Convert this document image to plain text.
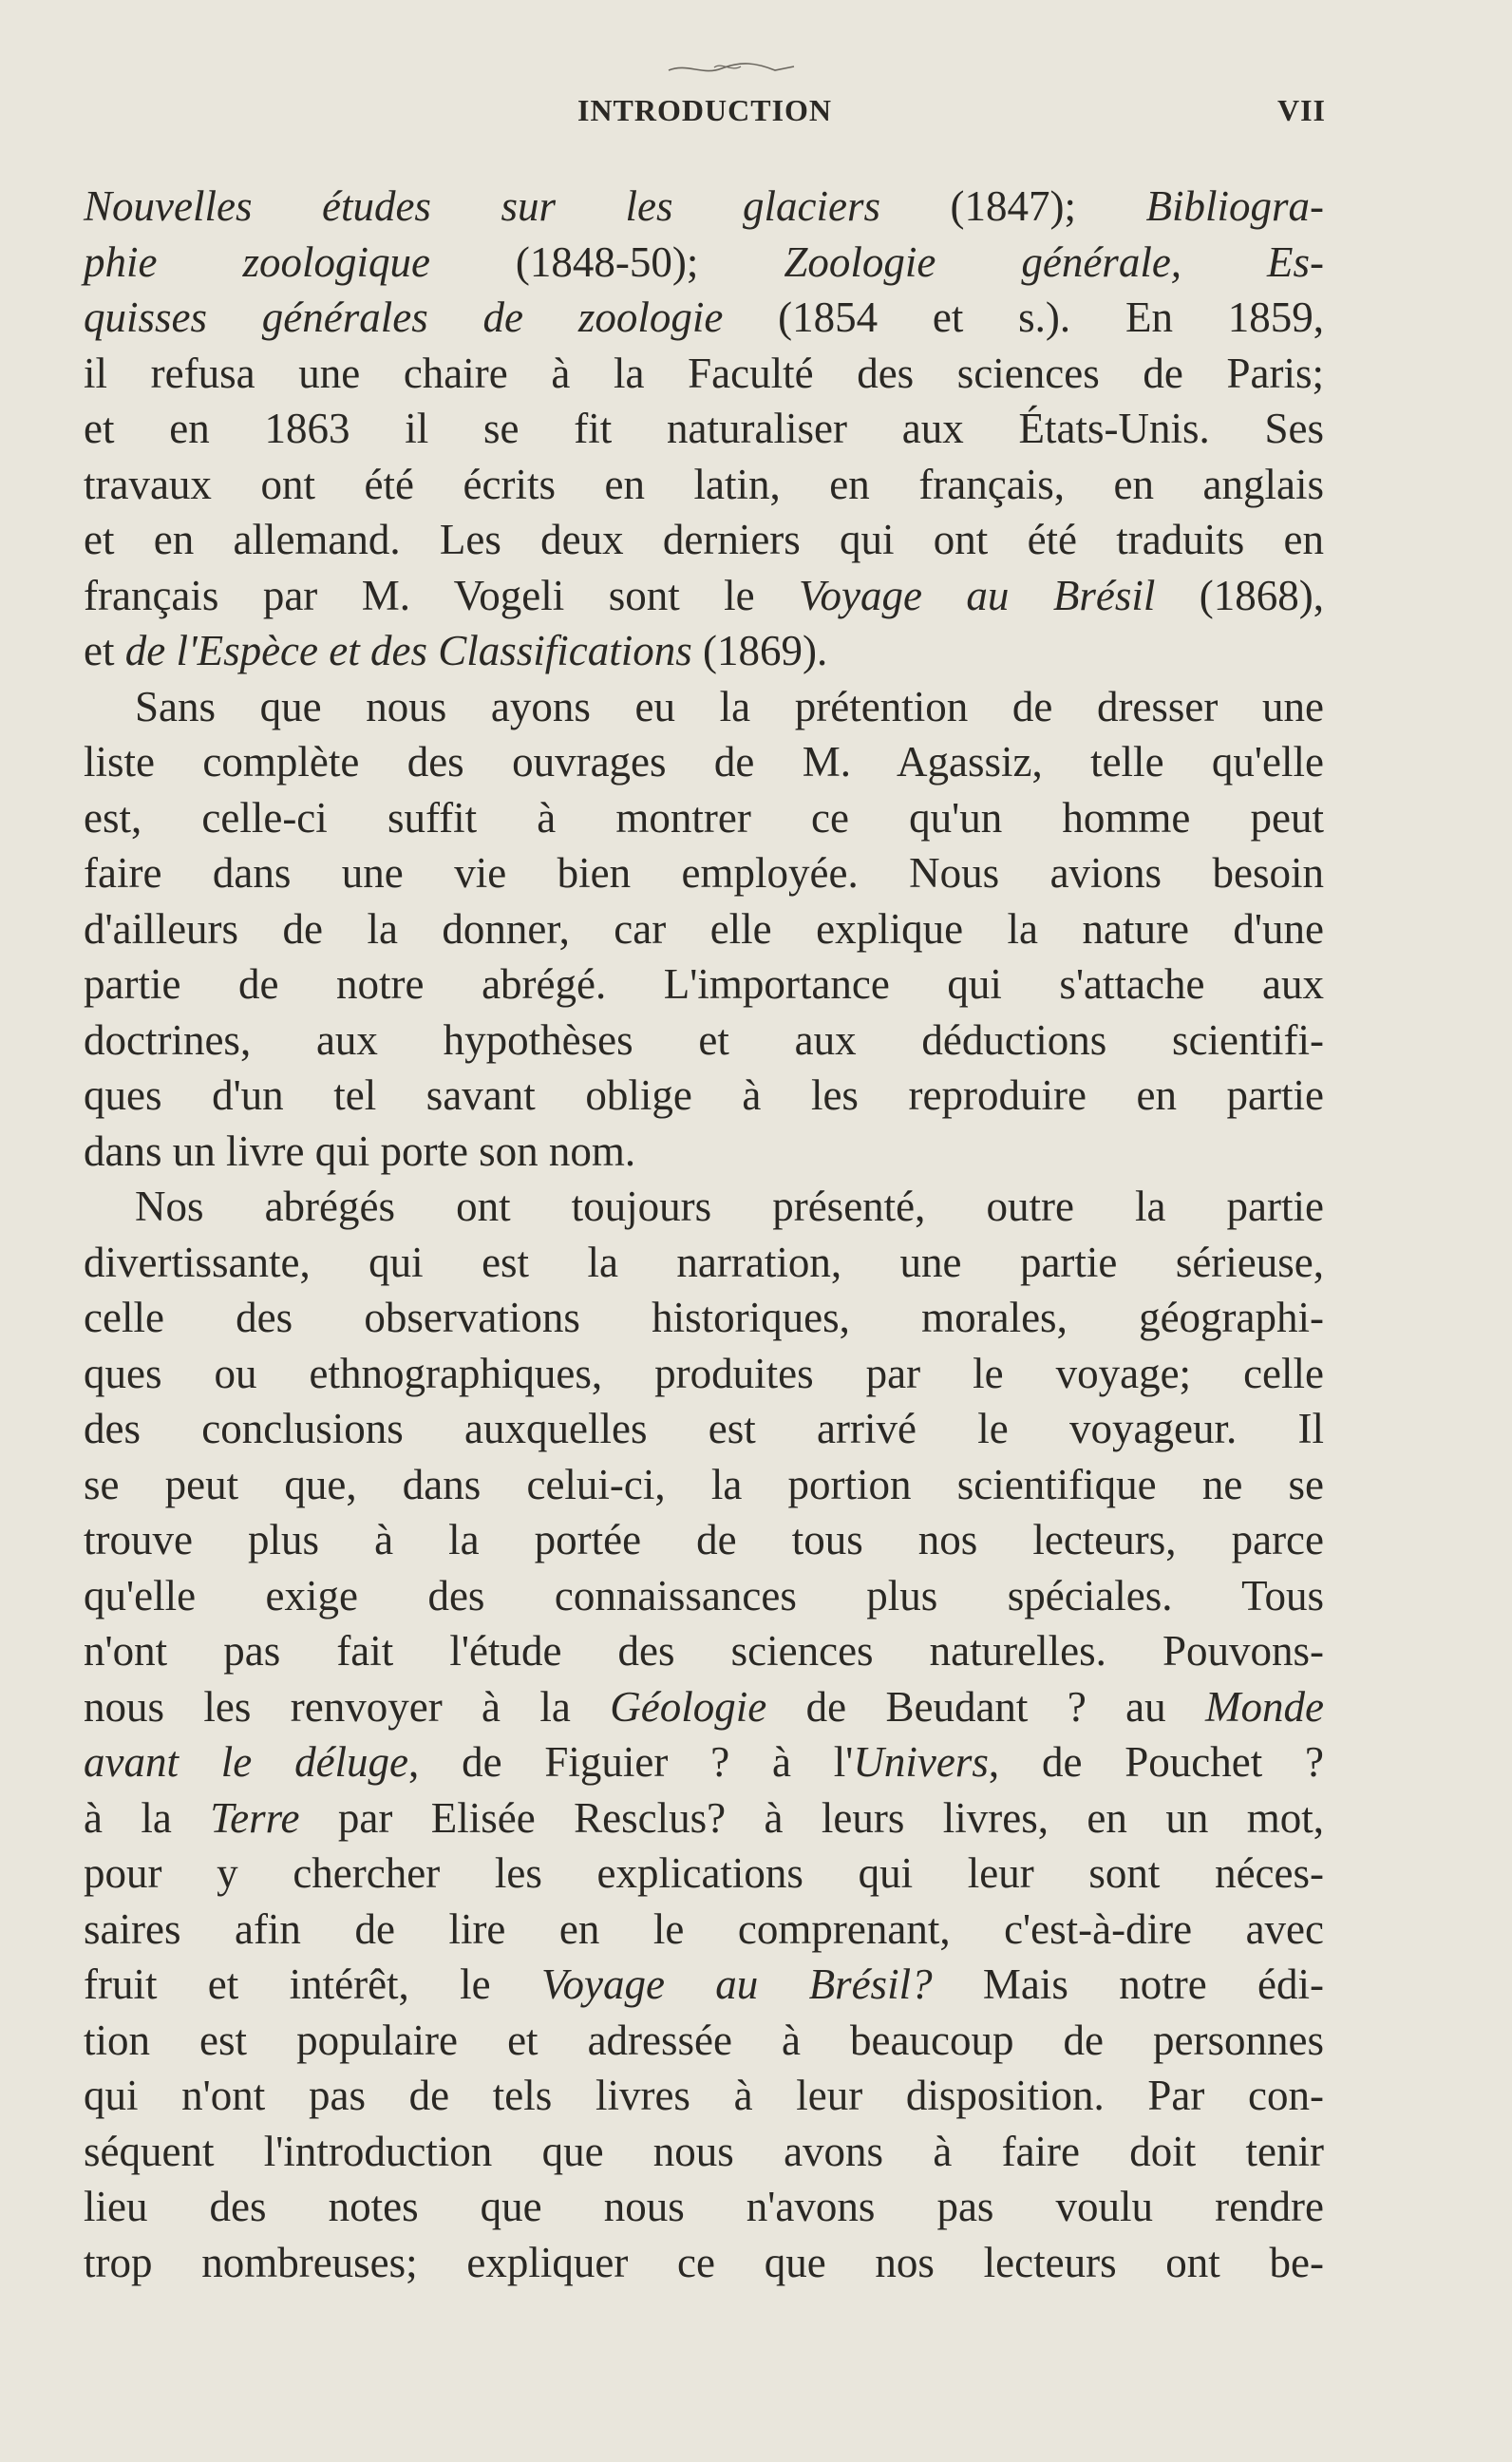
INTRODUCTION	VII
Nouvelles études sur les glaciers (1847); Bibliogra-
phie zoologique (1848-50); Zoologie générale, Es-
quisses générales de zoologie (1854 et s.). En 1859,
il refusa une chaire à la Faculté des sciences de Paris;
et en 1863 il se fit naturaliser aux États-Unis. Ses
travaux ont été écrits en latin, en français, en anglais
et en allemand. Les deux derniers qui ont été traduits en
français par M. Vogeli sont le Voyage au Brésil (1868),
et de l'Espèce et des Classifications (1869).
Sans que nous ayons eu la prétention de dresser une
liste complète des ouvrages de M. Agassiz, telle qu'elle
est, celle-ci suffit à montrer ce qu'un homme peut
faire dans une vie bien employée. Nous avions besoin
d'ailleurs de la donner, car elle explique la nature d'une
partie de notre abrégé. L'importance qui s'attache aux
doctrines, aux hypothèses et aux déductions scientifi-
ques d'un tel savant oblige à les reproduire en partie
dans un livre qui porte son nom.
Nos abrégés ont toujours présenté, outre la partie
divertissante, qui est la narration, une partie sérieuse,
celle des observations historiques, morales, géographi-
ques ou ethnographiques, produites par le voyage; celle
des conclusions auxquelles est arrivé le voyageur. Il
se peut que, dans celui-ci, la portion scientifique ne se
trouve plus à la portée de tous nos lecteurs, parce
qu'elle exige des connaissances plus spéciales. Tous
n'ont pas fait l'étude des sciences naturelles. Pouvons-
nous les renvoyer à la Géologie de Beudant ? au Monde
avant le déluge, de Figuier ? à l'Univers, de Pouchet ?
à la Terre par Elisée Resclus? à leurs livres, en un mot,
pour y chercher les explications qui leur sont néces-
saires afin de lire en le comprenant, c'est-à-dire avec
fruit et intérêt, le Voyage au Brésil? Mais notre édi-
tion est populaire et adressée à beaucoup de personnes
qui n'ont pas de tels livres à leur disposition. Par con-
séquent l'introduction que nous avons à faire doit tenir
lieu des notes que nous n'avons pas voulu rendre
trop nombreuses; expliquer ce que nos lecteurs ont be-
